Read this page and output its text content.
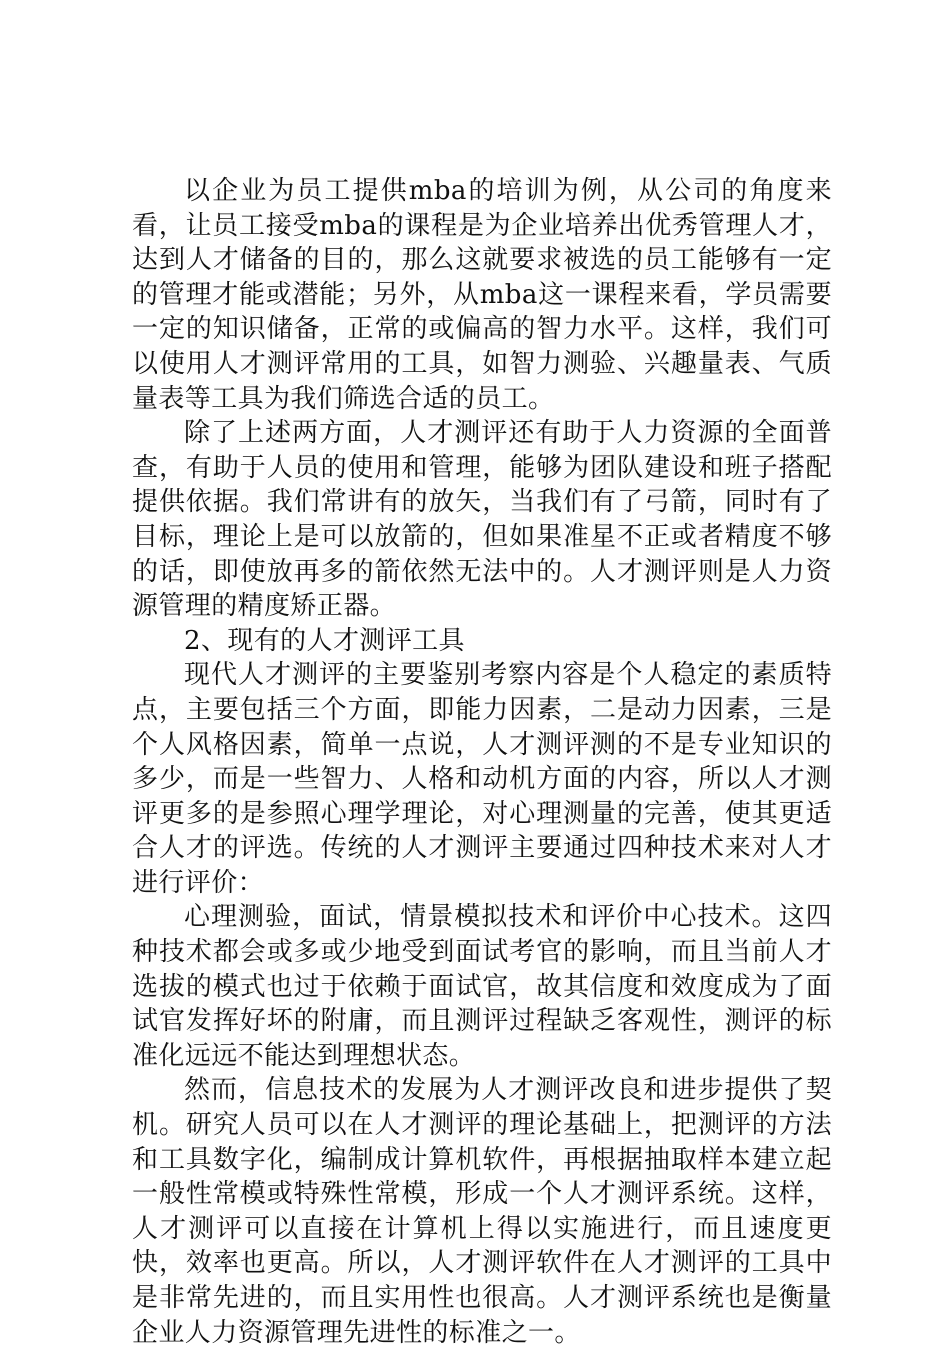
以企业为员工提供mba的培训为例，从公司的角度来看，让员工接受mba的课程是为企业培养出优秀管理人才，达到人才储备的目的，那么这就要求被选的员工能够有一定的管理才能或潜能；另外，从mba这一课程来看，学员需要一定的知识储备，正常的或偏高的智力水平。这样，我们可以使用人才测评常用的工具，如智力测验、兴趣量表、气质量表等工具为我们筛选合适的员工。

除了上述两方面，人才测评还有助于人力资源的全面普查，有助于人员的使用和管理，能够为团队建设和班子搭配提供依据。我们常讲有的放矢，当我们有了弓箭，同时有了目标，理论上是可以放箭的，但如果准星不正或者精度不够的话，即使放再多的箭依然无法中的。人才测评则是人力资源管理的精度矫正器。

2、现有的人才测评工具

现代人才测评的主要鉴别考察内容是个人稳定的素质特点，主要包括三个方面，即能力因素，二是动力因素，三是个人风格因素，简单一点说，人才测评测的不是专业知识的多少，而是一些智力、人格和动机方面的内容，所以人才测评更多的是参照心理学理论，对心理测量的完善，使其更适合人才的评选。传统的人才测评主要通过四种技术来对人才进行评价：

心理测验，面试，情景模拟技术和评价中心技术。这四种技术都会或多或少地受到面试考官的影响，而且当前人才选拔的模式也过于依赖于面试官，故其信度和效度成为了面试官发挥好坏的附庸，而且测评过程缺乏客观性，测评的标准化远远不能达到理想状态。

然而，信息技术的发展为人才测评改良和进步提供了契机。研究人员可以在人才测评的理论基础上，把测评的方法和工具数字化，编制成计算机软件，再根据抽取样本建立起一般性常模或特殊性常模，形成一个人才测评系统。这样，人才测评可以直接在计算机上得以实施进行，而且速度更快，效率也更高。所以，人才测评软件在人才测评的工具中是非常先进的，而且实用性也很高。人才测评系统也是衡量企业人力资源管理先进性的标准之一。
